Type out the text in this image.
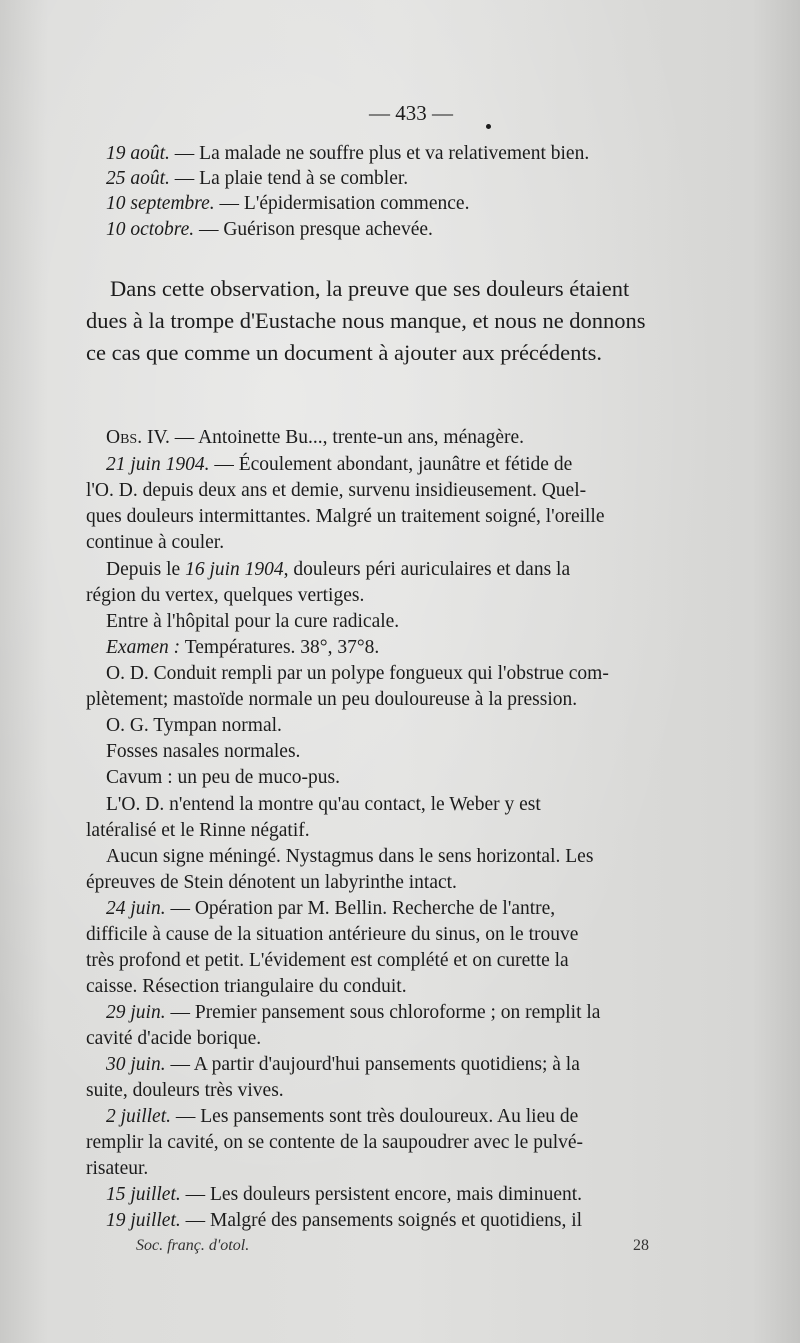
— 433 —
19 août. — La malade ne souffre plus et va relativement bien.
25 août. — La plaie tend à se combler.
10 septembre. — L'épidermisation commence.
10 octobre. — Guérison presque achevée.
Dans cette observation, la preuve que ses douleurs étaient
dues à la trompe d'Eustache nous manque, et nous ne donnons
ce cas que comme un document à ajouter aux précédents.
Obs. IV. — Antoinette Bu..., trente-un ans, ménagère.
21 juin 1904. — Écoulement abondant, jaunâtre et fétide de
l'O. D. depuis deux ans et demie, survenu insidieusement. Quel-
ques douleurs intermittantes. Malgré un traitement soigné, l'oreille
continue à couler.
Depuis le 16 juin 1904, douleurs péri auriculaires et dans la
région du vertex, quelques vertiges.
Entre à l'hôpital pour la cure radicale.
Examen : Températures. 38°, 37°8.
O. D. Conduit rempli par un polype fongueux qui l'obstrue com-
plètement; mastoïde normale un peu douloureuse à la pression.
O. G. Tympan normal.
Fosses nasales normales.
Cavum : un peu de muco-pus.
L'O. D. n'entend la montre qu'au contact, le Weber y est
latéralisé et le Rinne négatif.
Aucun signe méningé. Nystagmus dans le sens horizontal. Les
épreuves de Stein dénotent un labyrinthe intact.
24 juin. — Opération par M. Bellin. Recherche de l'antre,
difficile à cause de la situation antérieure du sinus, on le trouve
très profond et petit. L'évidement est complété et on curette la
caisse. Résection triangulaire du conduit.
29 juin. — Premier pansement sous chloroforme ; on remplit la
cavité d'acide borique.
30 juin. — A partir d'aujourd'hui pansements quotidiens; à la
suite, douleurs très vives.
2 juillet. — Les pansements sont très douloureux. Au lieu de
remplir la cavité, on se contente de la saupoudrer avec le pulvé-
risateur.
15 juillet. — Les douleurs persistent encore, mais diminuent.
19 juillet. — Malgré des pansements soignés et quotidiens, il
Soc. franç. d'otol.	28
